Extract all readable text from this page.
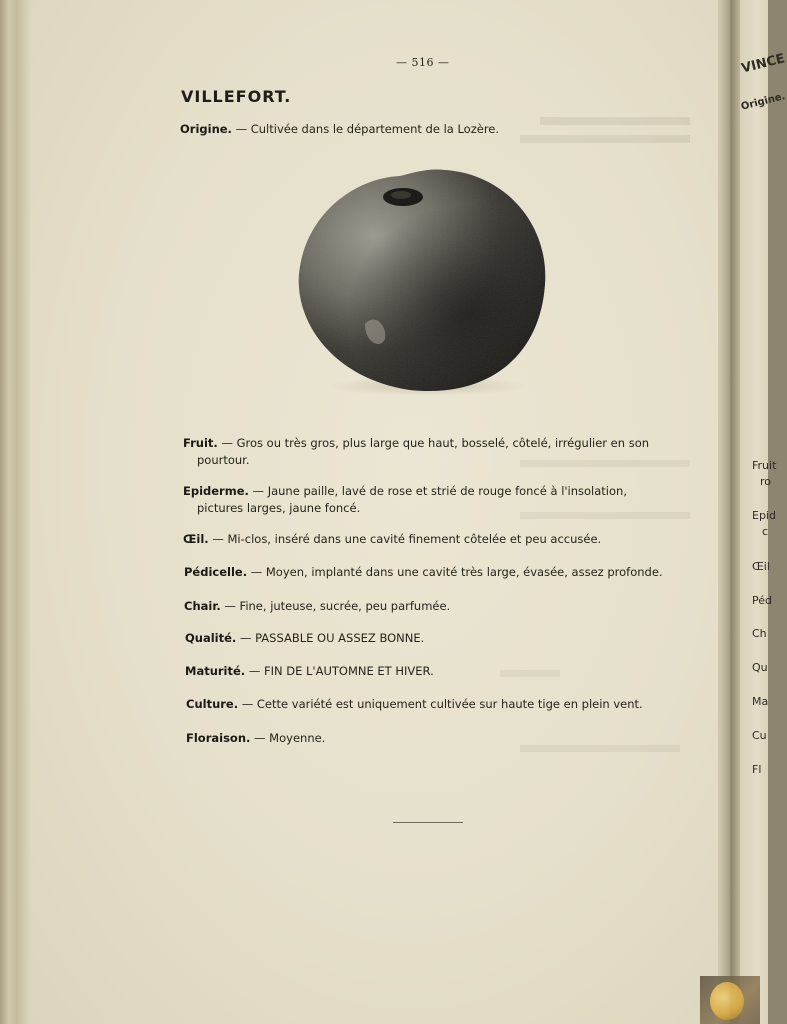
— 516 —
VILLEFORT.
Origine. — Cultivée dans le département de la Lozère.
Fruit. — Gros ou très gros, plus large que haut, bosselé, côtelé, irrégulier en son
pourtour.
Epiderme. — Jaune paille, lavé de rose et strié de rouge foncé à l'insolation,
pictures larges, jaune foncé.
Œil. — Mi-clos, inséré dans une cavité finement côtelée et peu accusée.
Pédicelle. — Moyen, implanté dans une cavité très large, évasée, assez profonde.
Chair. — Fine, juteuse, sucrée, peu parfumée.
Qualité. — PASSABLE OU ASSEZ BONNE.
Maturité. — FIN DE L'AUTOMNE ET HIVER.
Culture. — Cette variété est uniquement cultivée sur haute tige en plein vent.
Floraison. — Moyenne.
VINCE
Origine.
Fruit
ro
Epid
c
Œil
Péd
Ch
Qu
Ma
Cu
Fl
